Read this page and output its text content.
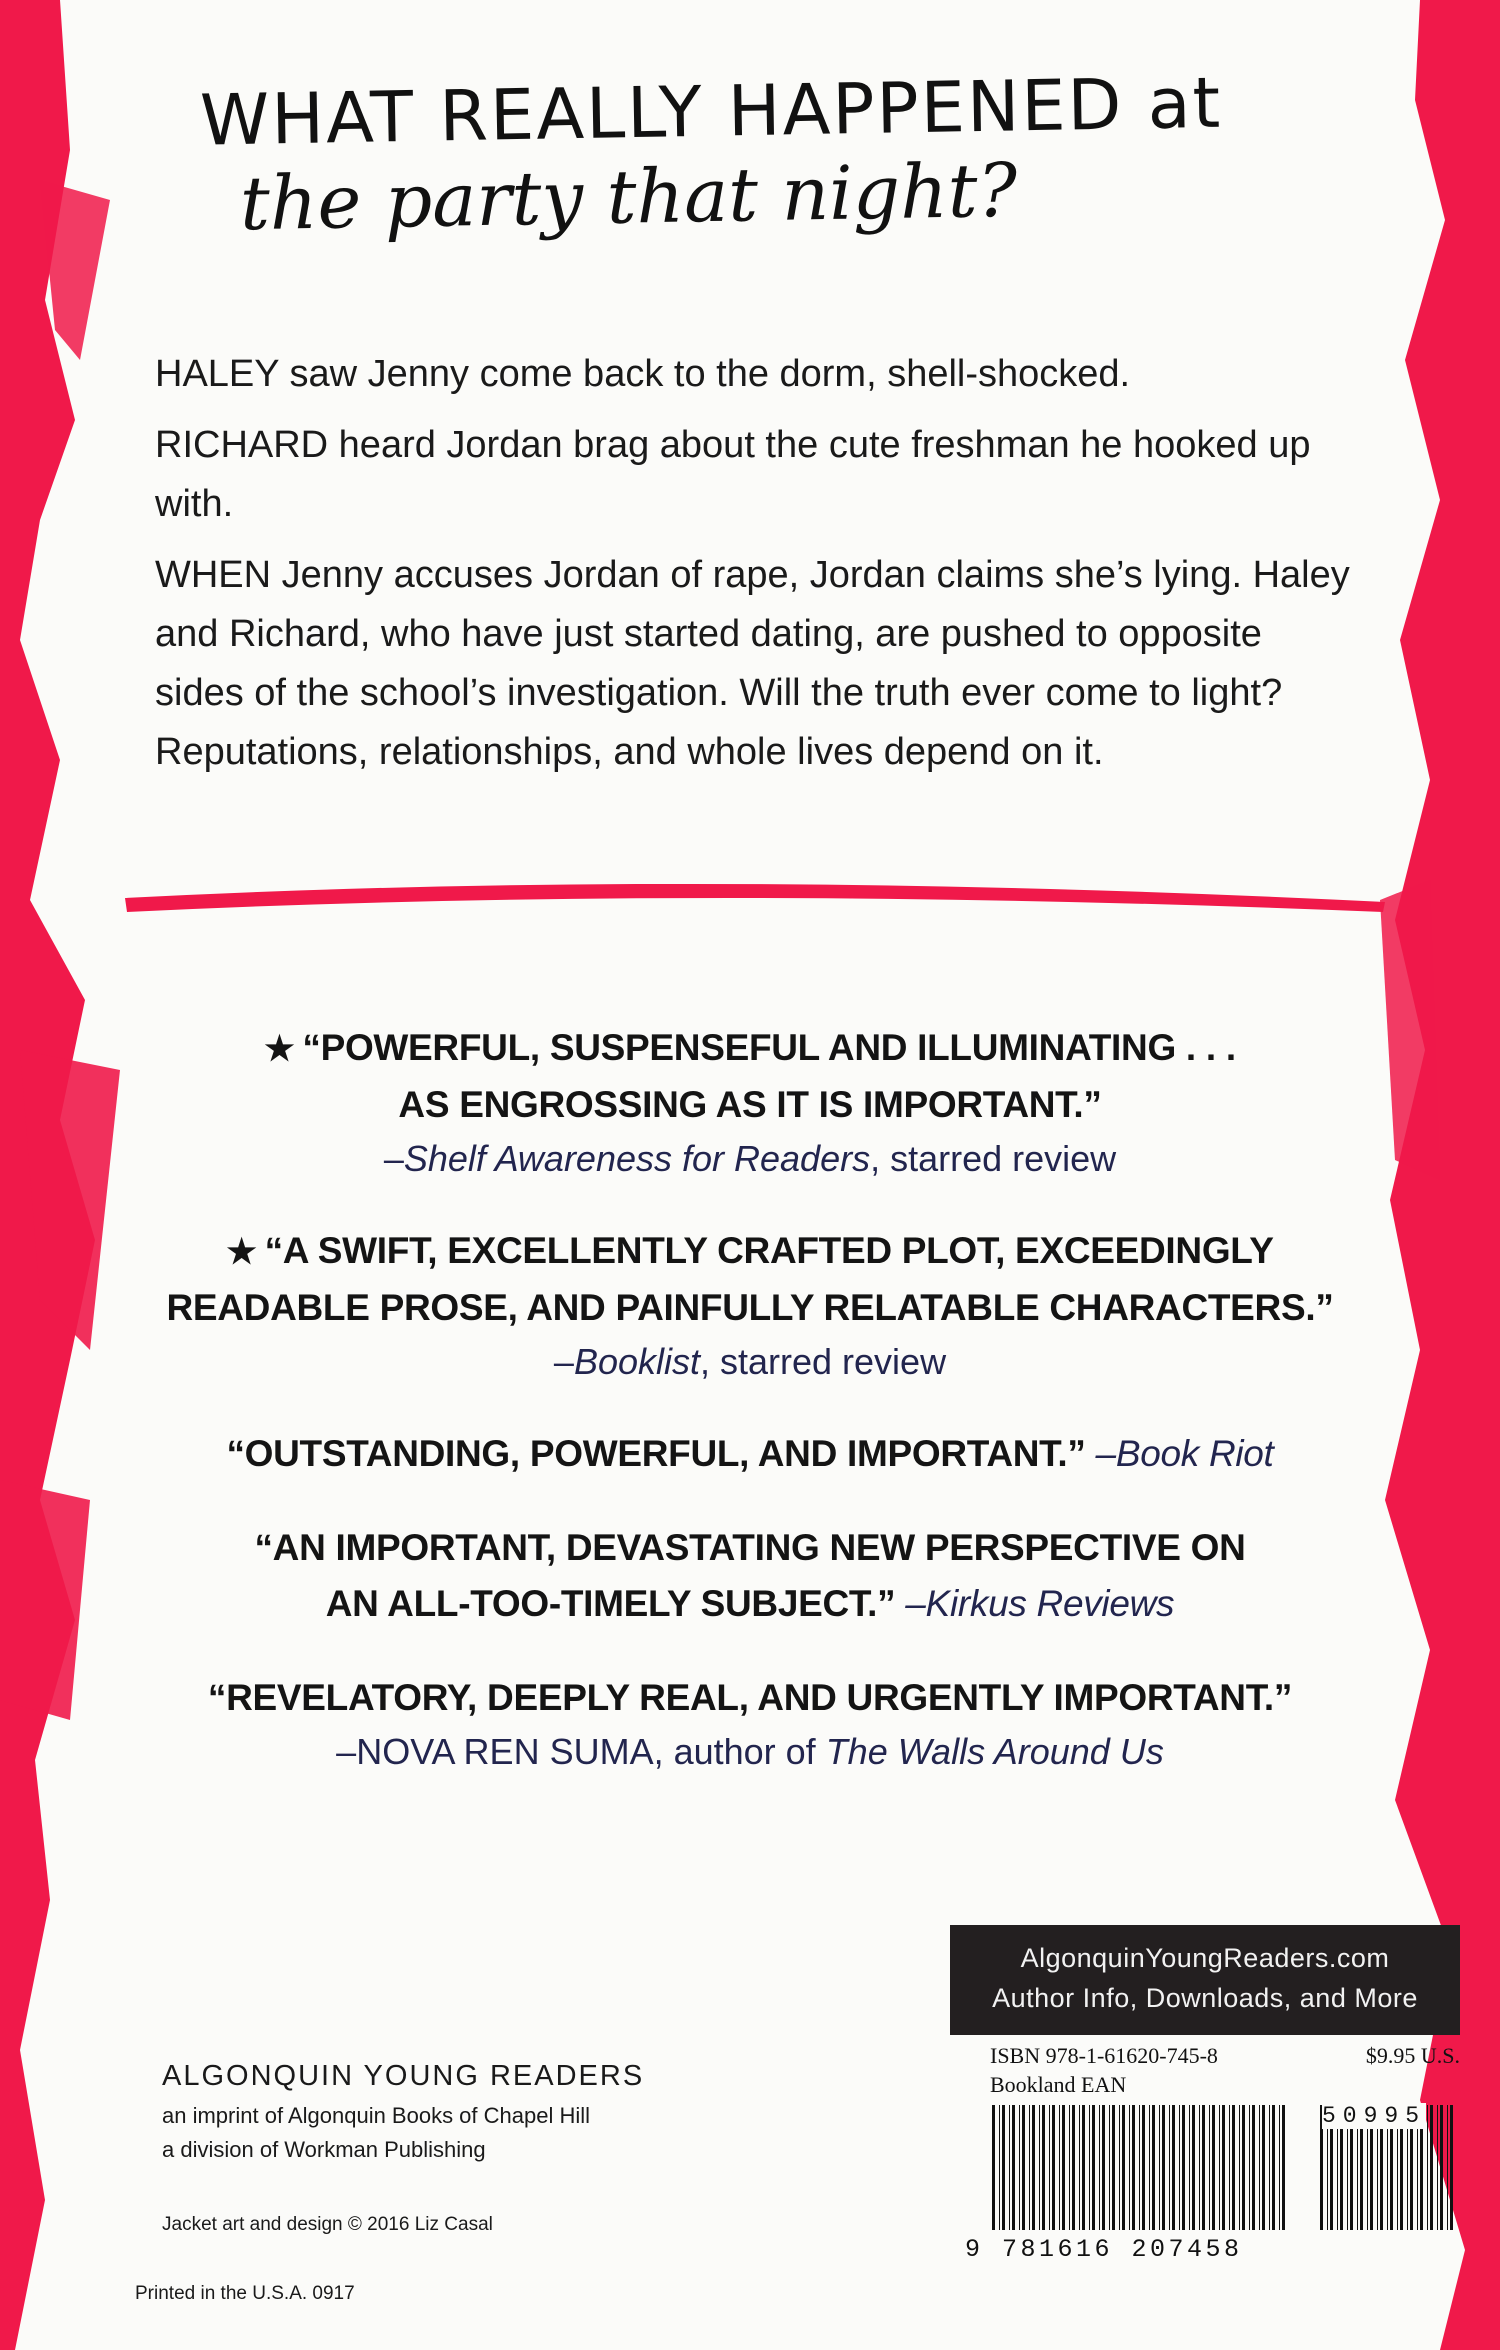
WHAT REALLY HAPPENED at
the party that night?

HALEY saw Jenny come back to the dorm, shell-shocked.

RICHARD heard Jordan brag about the cute freshman he hooked up with.

WHEN Jenny accuses Jordan of rape, Jordan claims she’s lying. Haley and Richard, who have just started dating, are pushed to opposite sides of the school’s investigation. Will the truth ever come to light? Reputations, relationships, and whole lives depend on it.

★ “POWERFUL, SUSPENSEFUL AND ILLUMINATING . . .
AS ENGROSSING AS IT IS IMPORTANT.”
–Shelf Awareness for Readers, starred review
★ “A SWIFT, EXCELLENTLY CRAFTED PLOT, EXCEEDINGLY
READABLE PROSE, AND PAINFULLY RELATABLE CHARACTERS.”
–Booklist, starred review
“OUTSTANDING, POWERFUL, AND IMPORTANT.” –Book Riot
“AN IMPORTANT, DEVASTATING NEW PERSPECTIVE ON
AN ALL-TOO-TIMELY SUBJECT.” –Kirkus Reviews
“REVELATORY, DEEPLY REAL, AND URGENTLY IMPORTANT.”
–NOVA REN SUMA, author of The Walls Around Us
ALGONQUIN YOUNG READERS
an imprint of Algonquin Books of Chapel Hill
a division of Workman Publishing
Jacket art and design © 2016 Liz Casal
Printed in the U.S.A. 0917
AlgonquinYoungReaders.com
Author Info, Downloads, and More
ISBN 978-1-61620-745-8	$9.95 U.S.
Bookland EAN
9 781616 207458
50995
